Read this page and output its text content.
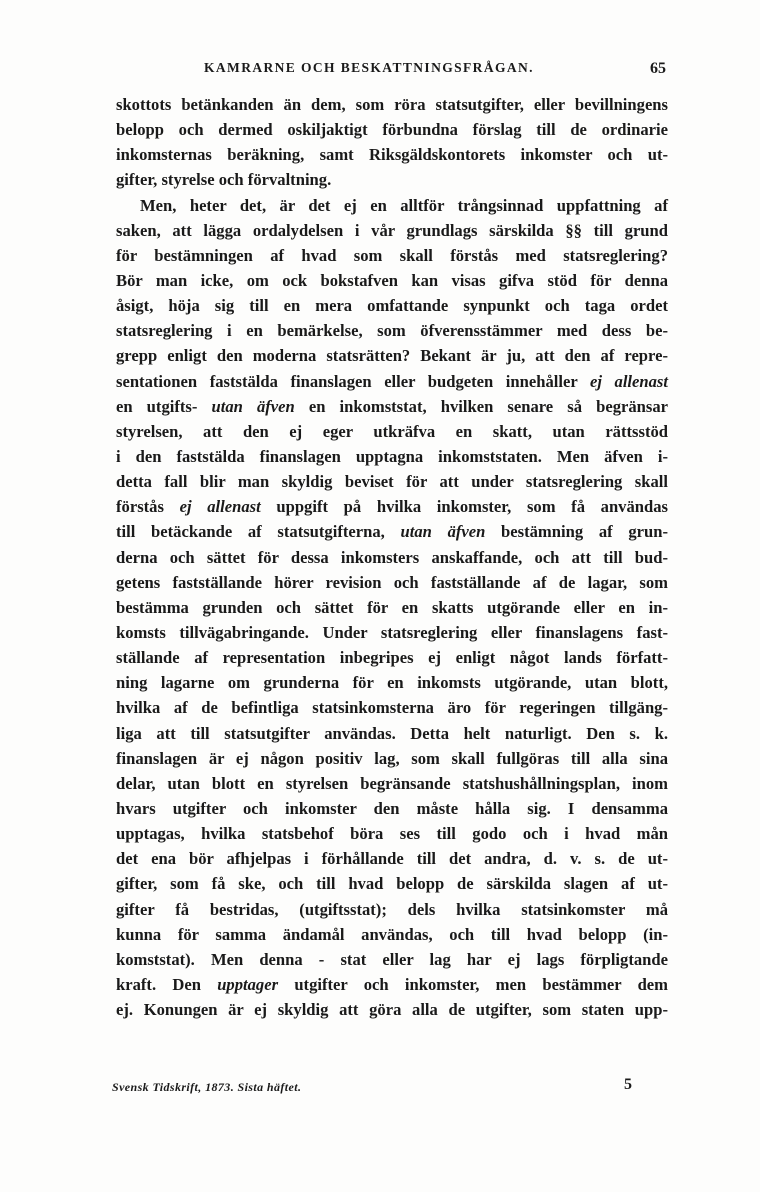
KAMRARNE OCH BESKATTNINGSFRÅGAN.	65
skottots betänkanden än dem, som röra statsutgifter, eller bevillningens
belopp och dermed oskiljaktigt förbundna förslag till de ordinarie
inkomsternas beräkning, samt Riksgäldskontorets inkomster och ut-
gifter, styrelse och förvaltning.
Men, heter det, är det ej en alltför trångsinnad uppfattning af
saken, att lägga ordalydelsen i vår grundlags särskilda §§ till grund
för bestämningen af hvad som skall förstås med statsreglering?
Bör man icke, om ock bokstafven kan visas gifva stöd för denna
åsigt, höja sig till en mera omfattande synpunkt och taga ordet
statsreglering i en bemärkelse, som öfverensstämmer med dess be-
grepp enligt den moderna statsrätten? Bekant är ju, att den af repre-
sentationen faststälda finanslagen eller budgeten innehåller ej allenast
en utgifts- utan äfven en inkomststat, hvilken senare så begränsar
styrelsen, att den ej eger utkräfva en skatt, utan rättsstöd
i den faststälda finanslagen upptagna inkomststaten. Men äfven i-
detta fall blir man skyldig beviset för att under statsreglering skall
förstås ej allenast uppgift på hvilka inkomster, som få användas
till betäckande af statsutgifterna, utan äfven bestämning af grun-
derna och sättet för dessa inkomsters anskaffande, och att till bud-
getens fastställande hörer revision och fastställande af de lagar, som
bestämma grunden och sättet för en skatts utgörande eller en in-
komsts tillvägabringande. Under statsreglering eller finanslagens fast-
ställande af representation inbegripes ej enligt något lands författ-
ning lagarne om grunderna för en inkomsts utgörande, utan blott,
hvilka af de befintliga statsinkomsterna äro för regeringen tillgäng-
liga att till statsutgifter användas. Detta helt naturligt. Den s. k.
finanslagen är ej någon positiv lag, som skall fullgöras till alla sina
delar, utan blott en styrelsen begränsande statshushållningsplan, inom
hvars utgifter och inkomster den måste hålla sig. I densamma
upptagas, hvilka statsbehof böra ses till godo och i hvad mån
det ena bör afhjelpas i förhållande till det andra, d. v. s. de ut-
gifter, som få ske, och till hvad belopp de särskilda slagen af ut-
gifter få bestridas, (utgiftsstat); dels hvilka statsinkomster må
kunna för samma ändamål användas, och till hvad belopp (in-
komststat). Men denna - stat eller lag har ej lags förpligtande
kraft. Den upptager utgifter och inkomster, men bestämmer dem
ej. Konungen är ej skyldig att göra alla de utgifter, som staten upp-
Svensk Tidskrift, 1873. Sista häftet.	5
